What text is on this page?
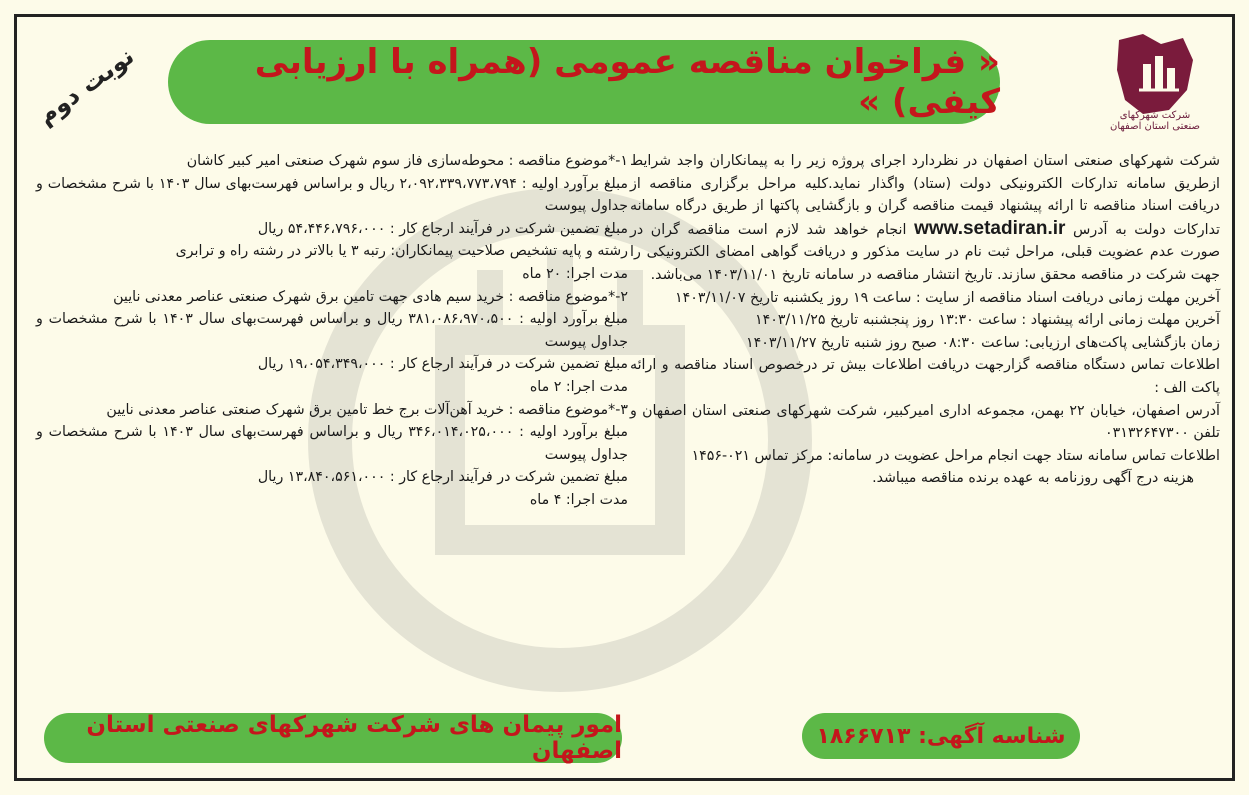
شرکت شهرکهای صنعتی استان اصفهان
« فراخوان مناقصه عمومی (همراه با ارزیابی کیفی) »
نوبت دوم

شرکت شهرکهای صنعتی استان اصفهان در نظردارد اجرای پروژه زیر را به پیمانکاران واجد شرایط ازطریق سامانه تدارکات الکترونیکی دولت (ستاد) واگذار نماید.کلیه مراحل برگزاری مناقصه از دریافت اسناد مناقصه تا ارائه پیشنهاد قیمت مناقصه گران و بازگشایی پاکتها از طریق درگاه سامانه تدارکات دولت به آدرس www.setadiran.ir انجام خواهد شد لازم است مناقصه گران در صورت عدم عضویت قبلی، مراحل ثبت نام در سایت مذکور و دریافت گواهی امضای الکترونیکی را جهت شرکت در مناقصه محقق سازند. تاریخ انتشار مناقصه در سامانه تاریخ ۱۴۰۳/۱۱/۰۱ می‌باشد.

آخرین مهلت زمانی دریافت اسناد مناقصه از سایت : ساعت ۱۹ روز یکشنبه تاریخ ۱۴۰۳/۱۱/۰۷

آخرین مهلت زمانی ارائه پیشنهاد : ساعت ۱۳:۳۰ روز پنجشنبه تاریخ ۱۴۰۳/۱۱/۲۵

زمان بازگشایی پاکت‌های ارزیابی: ساعت ۰۸:۳۰ صبح روز شنبه تاریخ ۱۴۰۳/۱۱/۲۷

اطلاعات تماس دستگاه مناقصه گزارجهت دریافت اطلاعات بیش تر درخصوص اسناد مناقصه و ارائه پاکت الف :

آدرس اصفهان، خیابان ۲۲ بهمن، مجموعه اداری امیرکبیر، شرکت شهرکهای صنعتی استان اصفهان و تلفن ۰۳۱۳۲۶۴۷۳۰۰

اطلاعات تماس سامانه ستاد جهت انجام مراحل عضویت در سامانه: مرکز تماس ۰۲۱-۱۴۵۶

هزینه درج آگهی روزنامه به عهده برنده مناقصه میباشد.

۱-*موضوع مناقصه : محوطه‌سازی فاز سوم شهرک صنعتی امیر کبیر کاشان

مبلغ برآورد اولیه : ۲،۰۹۲،۳۳۹،۷۷۳،۷۹۴ ریال و براساس فهرست‌بهای سال ۱۴۰۳ با شرح مشخصات و جداول پیوست

مبلغ تضمین شرکت در فرآیند ارجاع کار : ۵۴،۴۴۶،۷۹۶،۰۰۰ ریال

رشته و پایه تشخیص صلاحیت پیمانکاران: رتبه ۳ یا بالاتر در رشته راه و ترابری

مدت اجرا: ۲۰ ماه

۲-*موضوع مناقصه : خرید سیم هادی جهت تامین برق شهرک صنعتی عناصر معدنی نایین

مبلغ برآورد اولیه : ۳۸۱،۰۸۶،۹۷۰،۵۰۰ ریال و براساس فهرست‌بهای سال ۱۴۰۳ با شرح مشخصات و جداول پیوست

مبلغ تضمین شرکت در فرآیند ارجاع کار : ۱۹،۰۵۴،۳۴۹،۰۰۰ ریال

مدت اجرا: ۲ ماه

۳-*موضوع مناقصه : خرید آهن‌آلات برج خط تامین برق شهرک صنعتی عناصر معدنی نایین

مبلغ برآورد اولیه : ۳۴۶،۰۱۴،۰۲۵،۰۰۰ ریال و براساس فهرست‌بهای سال ۱۴۰۳ با شرح مشخصات و جداول پیوست

مبلغ تضمین شرکت در فرآیند ارجاع کار : ۱۳،۸۴۰،۵۶۱،۰۰۰ ریال

مدت اجرا: ۴ ماه

شناسه آگهی: ۱۸۶۶۷۱۳
امور پیمان های شرکت شهرکهای صنعتی استان اصفهان
